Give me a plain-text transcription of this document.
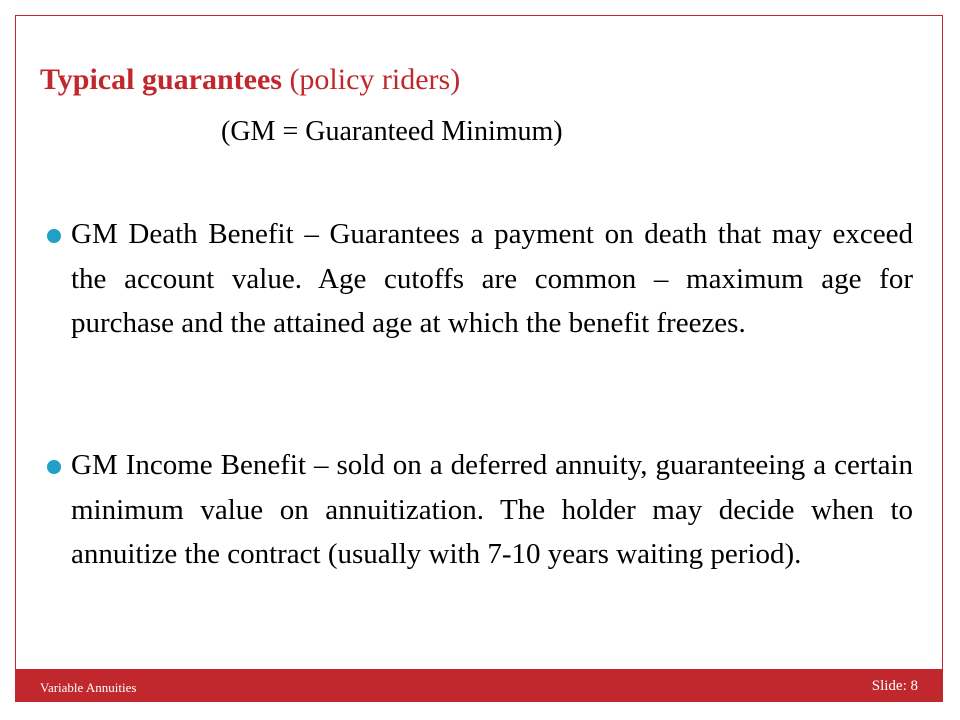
Typical guarantees (policy riders)
(GM = Guaranteed Minimum)

GM Death Benefit – Guarantees a payment on death that may exceed the account value. Age cutoffs are common – maximum age for purchase and the attained age at which the benefit freezes.

GM Income Benefit – sold on a deferred annuity, guaranteeing a certain minimum value on annuitization. The holder may decide when to annuitize the contract (usually with 7-10 years waiting period).

Variable Annuities	Slide: 8
